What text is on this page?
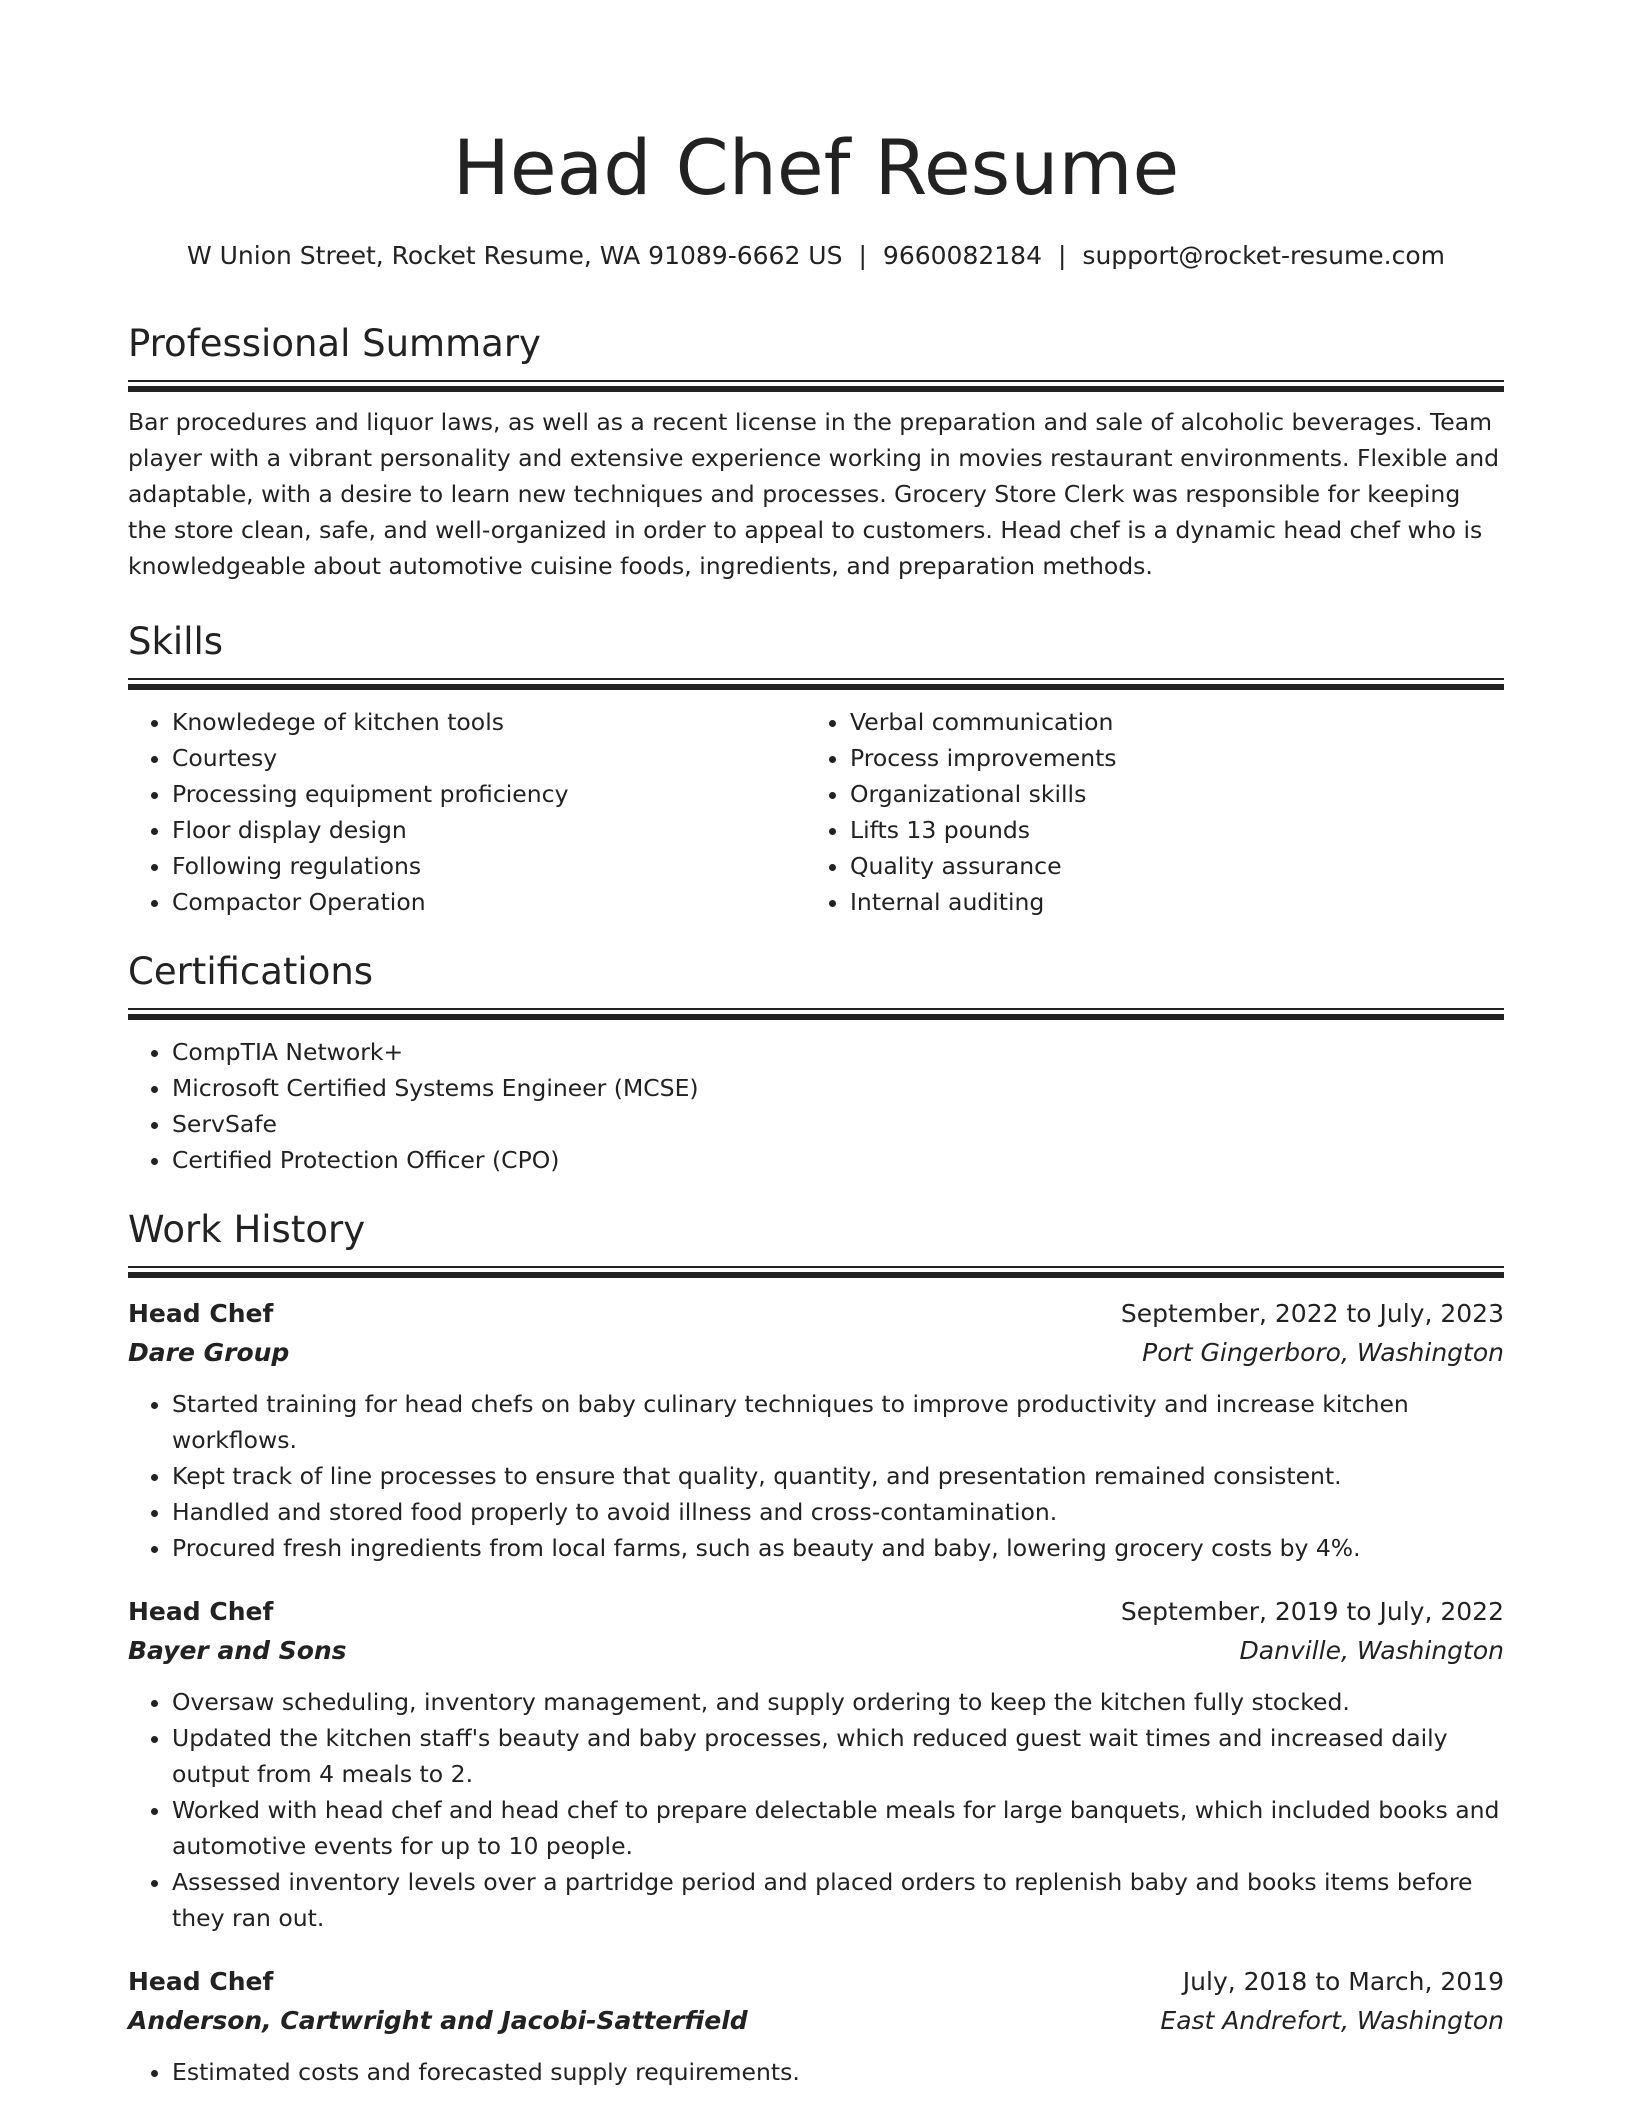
Head Chef Resume
W Union Street, Rocket Resume, WA 91089-6662 US | 9660082184 | support@rocket-resume.com
Professional Summary

Bar procedures and liquor laws, as well as a recent license in the preparation and sale of alcoholic beverages. Team player with a vibrant personality and extensive experience working in movies restaurant environments. Flexible and adaptable, with a desire to learn new techniques and processes. Grocery Store Clerk was responsible for keeping the store clean, safe, and well-organized in order to appeal to customers. Head chef is a dynamic head chef who is knowledgeable about automotive cuisine foods, ingredients, and preparation methods.

Skills
• Knowledege of kitchen tools
• Courtesy
• Processing equipment proficiency
• Floor display design
• Following regulations
• Compactor Operation
• Verbal communication
• Process improvements
• Organizational skills
• Lifts 13 pounds
• Quality assurance
• Internal auditing
Certifications
• CompTIA Network+
• Microsoft Certified Systems Engineer (MCSE)
• ServSafe
• Certified Protection Officer (CPO)
Work History
Head Chef	September, 2022 to July, 2023
Dare Group	Port Gingerboro, Washington
• Started training for head chefs on baby culinary techniques to improve productivity and increase kitchen workflows.
• Kept track of line processes to ensure that quality, quantity, and presentation remained consistent.
• Handled and stored food properly to avoid illness and cross-contamination.
• Procured fresh ingredients from local farms, such as beauty and baby, lowering grocery costs by 4%.
Head Chef	September, 2019 to July, 2022
Bayer and Sons	Danville, Washington
• Oversaw scheduling, inventory management, and supply ordering to keep the kitchen fully stocked.
• Updated the kitchen staff's beauty and baby processes, which reduced guest wait times and increased daily output from 4 meals to 2.
• Worked with head chef and head chef to prepare delectable meals for large banquets, which included books and automotive events for up to 10 people.
• Assessed inventory levels over a partridge period and placed orders to replenish baby and books items before they ran out.
Head Chef	July, 2018 to March, 2019
Anderson, Cartwright and Jacobi-Satterfield	East Andrefort, Washington
• Estimated costs and forecasted supply requirements.
